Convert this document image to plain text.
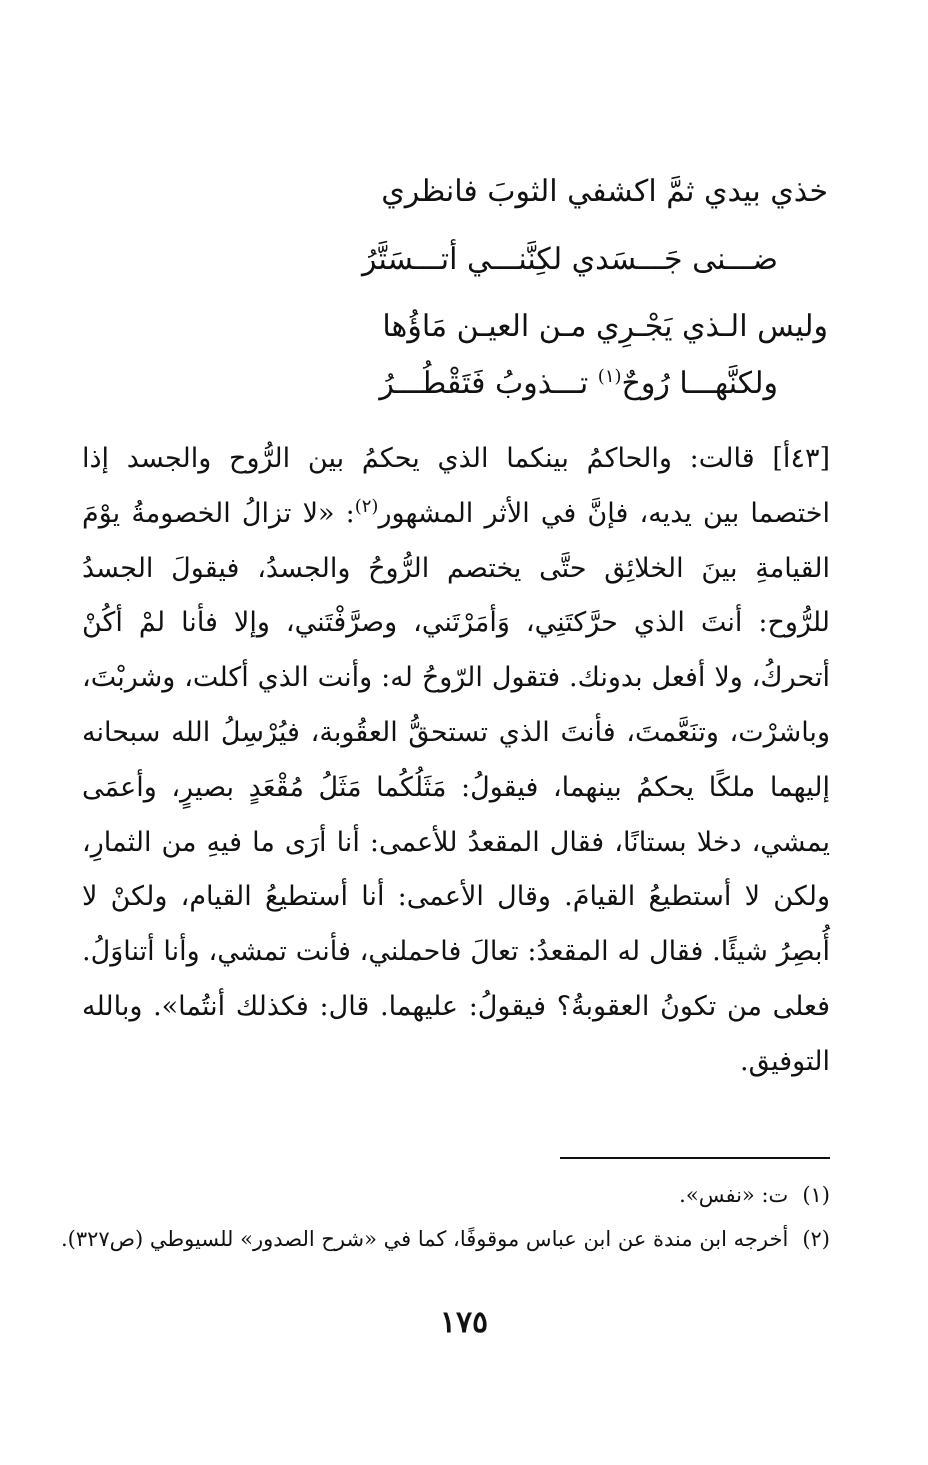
خذي بيدي ثمَّ اكشفي الثوبَ فانظري
ضـــنى جَـــسَدي لكِنَّنـــي أتـــسَتَّرُ
وليس الـذي يَجْـرِي مـن العيـن مَاؤُها
ولكنَّهـــا رُوحٌ$^{(١)}$ تـــذوبُ فَتَقْطُـــرُ

[٤٣أ] قالت: والحاكمُ بينكما الذي يحكمُ بين الرُّوح والجسد إذا اختصما بين يديه، فإنَّ في الأثر المشهور$^{(٢)}$: «لا تزالُ الخصومةُ يوْمَ القيامةِ بينَ الخلائِق حتَّى يختصم الرُّوحُ والجسدُ، فيقولَ الجسدُ للرُّوح: أنتَ الذي حرَّكتَنِي، وَأمَرْتَني، وصرَّفْتَني، وإلا فأنا لمْ أكُنْ أتحركُ، ولا أفعل بدونك. فتقول الرّوحُ له: وأنت الذي أكلت، وشربْتَ، وباشرْت، وتنَعَّمتَ، فأنتَ الذي تستحقُّ العقُوبة، فيُرْسِلُ الله سبحانه إليهما ملكًا يحكمُ بينهما، فيقولُ: مَثَلُكُما مَثَلُ مُقْعَدٍ بصيرٍ، وأعمَى يمشي، دخلا بستانًا، فقال المقعدُ للأعمى: أنا أرَى ما فيهِ من الثمارِ، ولكن لا أستطيعُ القيامَ. وقال الأعمى: أنا أستطيعُ القيام، ولكنْ لا أُبصِرُ شيئًا. فقال له المقعدُ: تعالَ فاحملني، فأنت تمشي، وأنا أتناوَلُ. فعلى من تكونُ العقوبةُ؟ فيقولُ: عليهما. قال: فكذلك أنتُما». وبالله التوفيق.

(١)ت: «نفس».
(٢)أخرجه ابن مندة عن ابن عباس موقوفًا، كما في «شرح الصدور» للسيوطي (ص٣٢٧).
١٧٥
